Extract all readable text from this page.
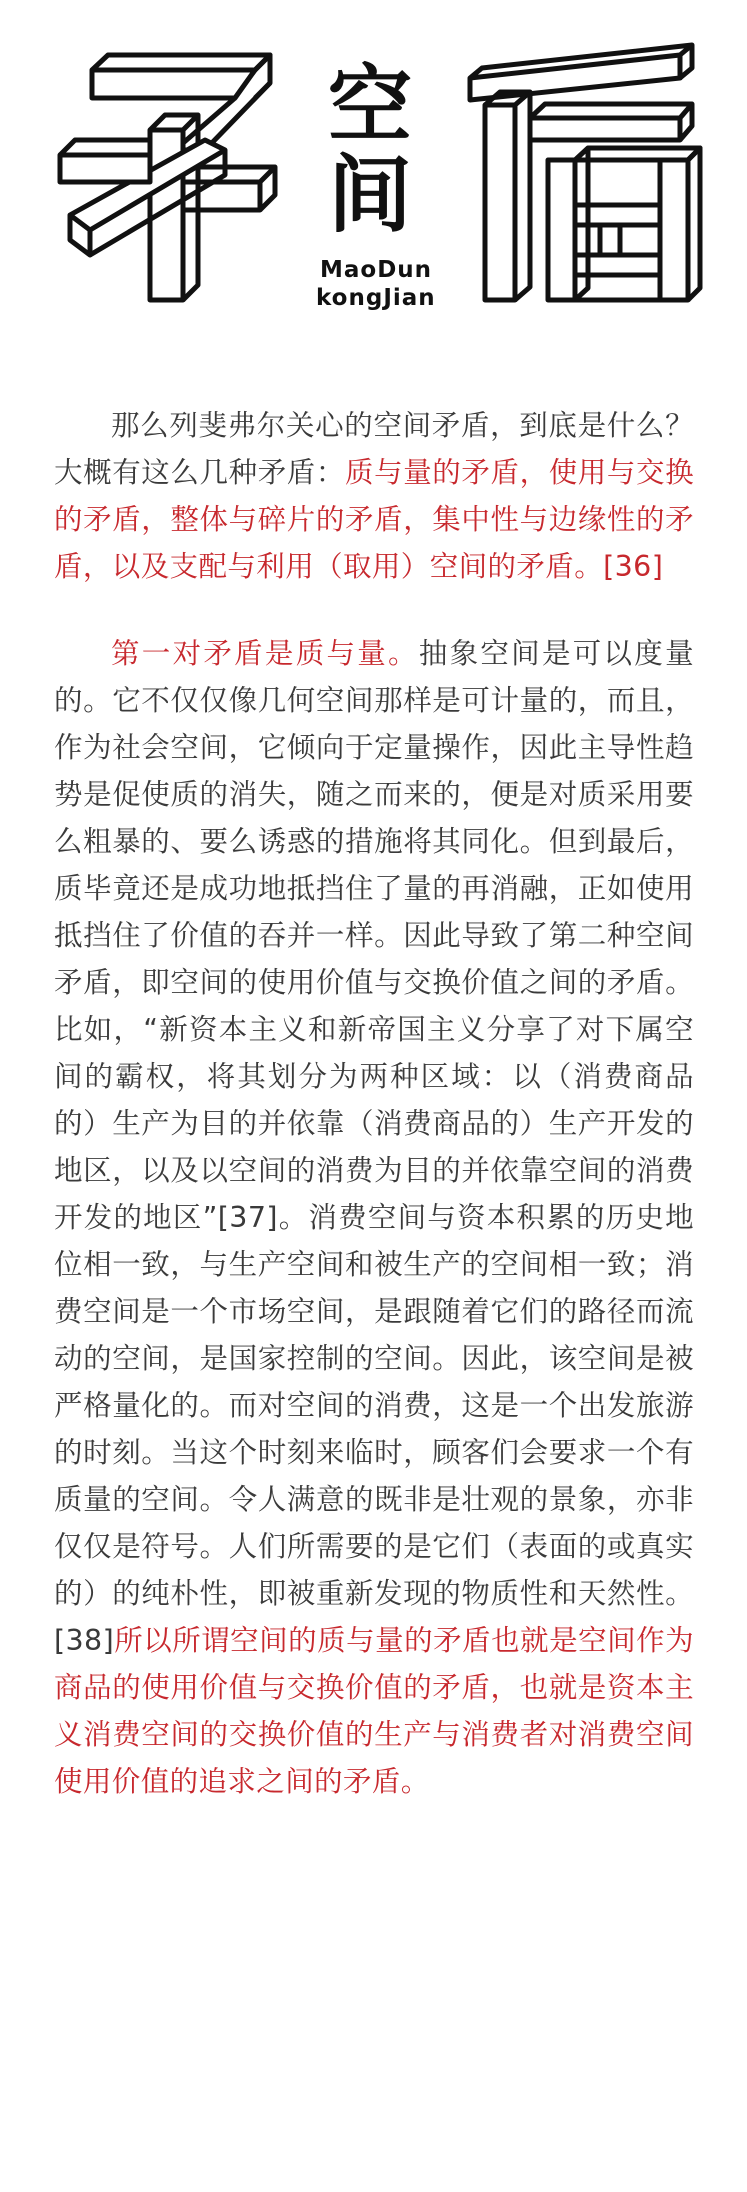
空
间
MaoDun
kongJian

那么列斐弗尔关心的空间矛盾，到底是什么？大概有这么几种矛盾：质与量的矛盾，使用与交换的矛盾，整体与碎片的矛盾，集中性与边缘性的矛盾，以及支配与利用（取用）空间的矛盾。[36]

第一对矛盾是质与量。抽象空间是可以度量的。它不仅仅像几何空间那样是可计量的，而且，作为社会空间，它倾向于定量操作，因此主导性趋势是促使质的消失，随之而来的，便是对质采用要么粗暴的、要么诱惑的措施将其同化。但到最后，质毕竟还是成功地抵挡住了量的再消融，正如使用抵挡住了价值的吞并一样。因此导致了第二种空间矛盾，即空间的使用价值与交换价值之间的矛盾。比如，“新资本主义和新帝国主义分享了对下属空间的霸权，将其划分为两种区域：以（消费商品的）生产为目的并依靠（消费商品的）生产开发的地区，以及以空间的消费为目的并依靠空间的消费开发的地区”[37]。消费空间与资本积累的历史地位相一致，与生产空间和被生产的空间相一致；消费空间是一个市场空间，是跟随着它们的路径而流动的空间，是国家控制的空间。因此，该空间是被严格量化的。而对空间的消费，这是一个出发旅游的时刻。当这个时刻来临时，顾客们会要求一个有质量的空间。令人满意的既非是壮观的景象，亦非仅仅是符号。人们所需要的是它们（表面的或真实的）的纯朴性，即被重新发现的物质性和天然性。[38]所以所谓空间的质与量的矛盾也就是空间作为商品的使用价值与交换价值的矛盾，也就是资本主义消费空间的交换价值的生产与消费者对消费空间使用价值的追求之间的矛盾。
